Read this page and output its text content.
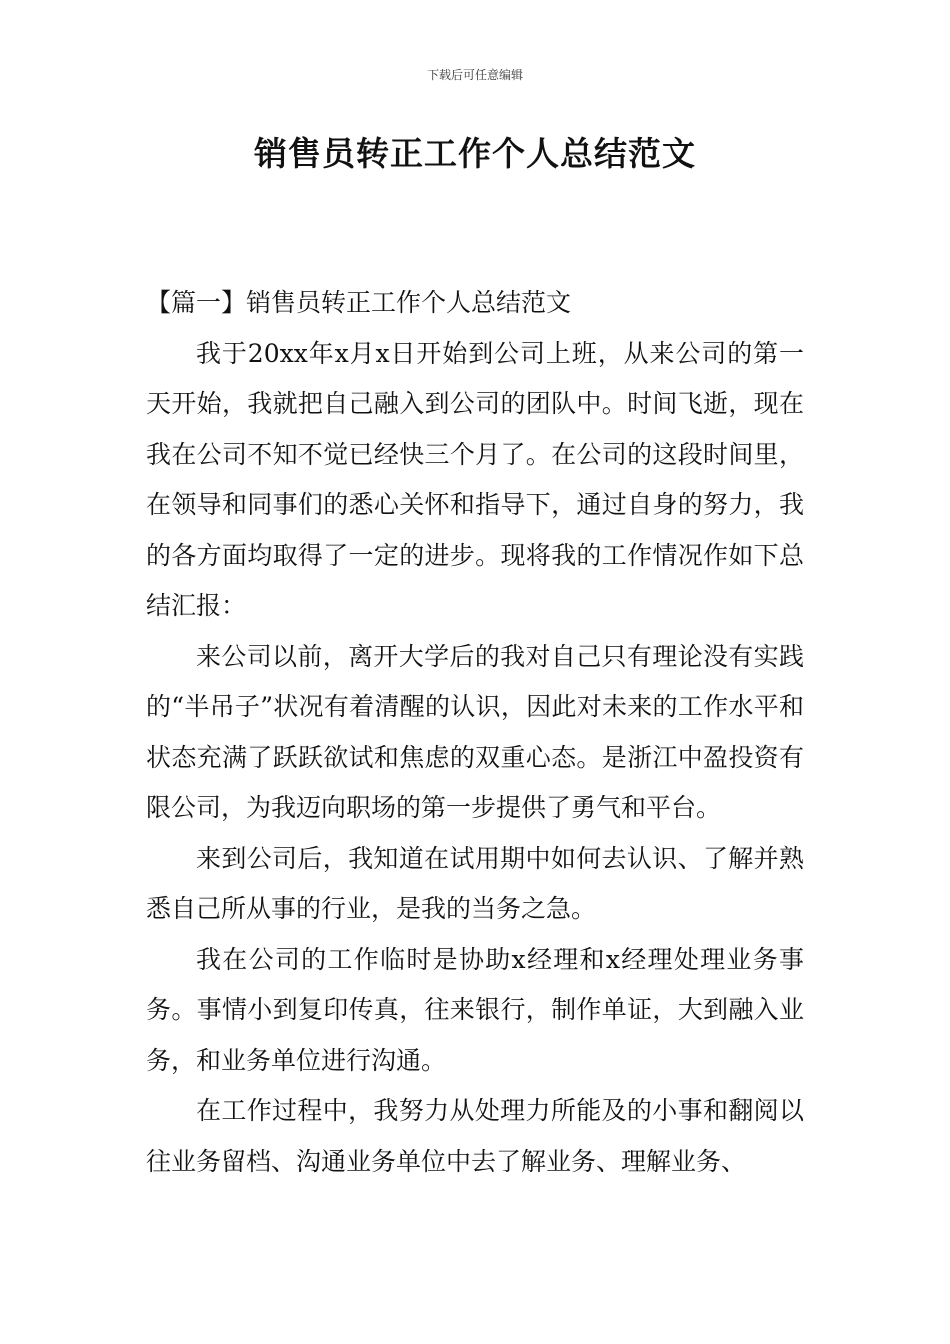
下载后可任意编辑
销售员转正工作个人总结范文

【篇一】销售员转正工作个人总结范文

我于20xx年x月x日开始到公司上班，从来公司的第一天开始，我就把自己融入到公司的团队中。时间飞逝，现在我在公司不知不觉已经快三个月了。在公司的这段时间里，在领导和同事们的悉心关怀和指导下，通过自身的努力，我的各方面均取得了一定的进步。现将我的工作情况作如下总结汇报：

来公司以前，离开大学后的我对自己只有理论没有实践的“半吊子”状况有着清醒的认识，因此对未来的工作水平和状态充满了跃跃欲试和焦虑的双重心态。是浙江中盈投资有限公司，为我迈向职场的第一步提供了勇气和平台。

来到公司后，我知道在试用期中如何去认识、了解并熟悉自己所从事的行业，是我的当务之急。

我在公司的工作临时是协助x经理和x经理处理业务事务。事情小到复印传真，往来银行，制作单证，大到融入业务，和业务单位进行沟通。

在工作过程中，我努力从处理力所能及的小事和翻阅以往业务留档、沟通业务单位中去了解业务、理解业务、
